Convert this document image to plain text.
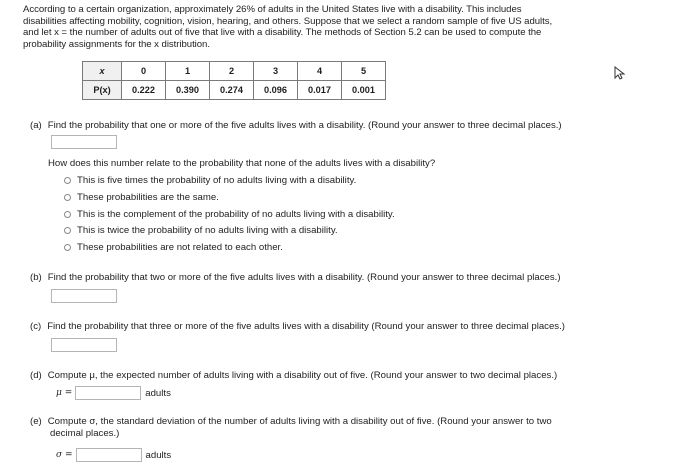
According to a certain organization, approximately 26% of adults in the United States live with a disability. This includes
disabilities affecting mobility, cognition, vision, hearing, and others. Suppose that we select a random sample of five US adults,
and let x = the number of adults out of five that live with a disability. The methods of Section 5.2 can be used to compute the
probability assignments for the x distribution.
x	0	1	2	3	4	5
P(x)	0.222	0.390	0.274	0.096	0.017	0.001
(a) Find the probability that one or more of the five adults lives with a disability. (Round your answer to three decimal places.)
How does this number relate to the probability that none of the adults lives with a disability?
This is five times the probability of no adults living with a disability.
These probabilities are the same.
This is the complement of the probability of no adults living with a disability.
This is twice the probability of no adults living with a disability.
These probabilities are not related to each other.
(b) Find the probability that two or more of the five adults lives with a disability. (Round your answer to three decimal places.)
(c) Find the probability that three or more of the five adults lives with a disability (Round your answer to three decimal places.)
(d) Compute μ, the expected number of adults living with a disability out of five. (Round your answer to two decimal places.)
μ =	adults
(e) Compute σ, the standard deviation of the number of adults living with a disability out of five. (Round your answer to two
decimal places.)
σ =	adults
